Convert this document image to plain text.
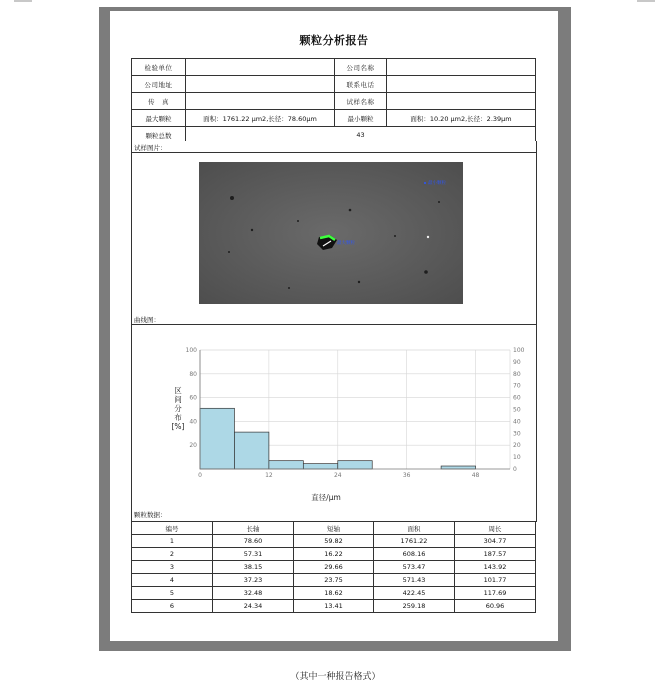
颗粒分析报告
检验单位		公司名称	
公司地址		联系电话	
传　真		试样名称	
最大颗粒	面积：1761.22 μm2,长径：78.60μm	最小颗粒	面积：10.20 μm2,长径：2.39μm
颗粒总数	43		
试样图片：
最大颗粒
最小颗粒
曲线图：
0	12	24	36	48
20
40
60
80
100
0
10
20
30
40
50
60
70
80
90
100
直径/μm
区
间
分
布
[%]
颗粒数据：
编号	长轴	短轴	面积	周长
1	78.60	59.82	1761.22	304.77
2	57.31	16.22	608.16	187.57
3	38.15	29.66	573.47	143.92
4	37.23	23.75	571.43	101.77
5	32.48	18.62	422.45	117.69
6	24.34	13.41	259.18	60.96
（其中一种报告格式）
